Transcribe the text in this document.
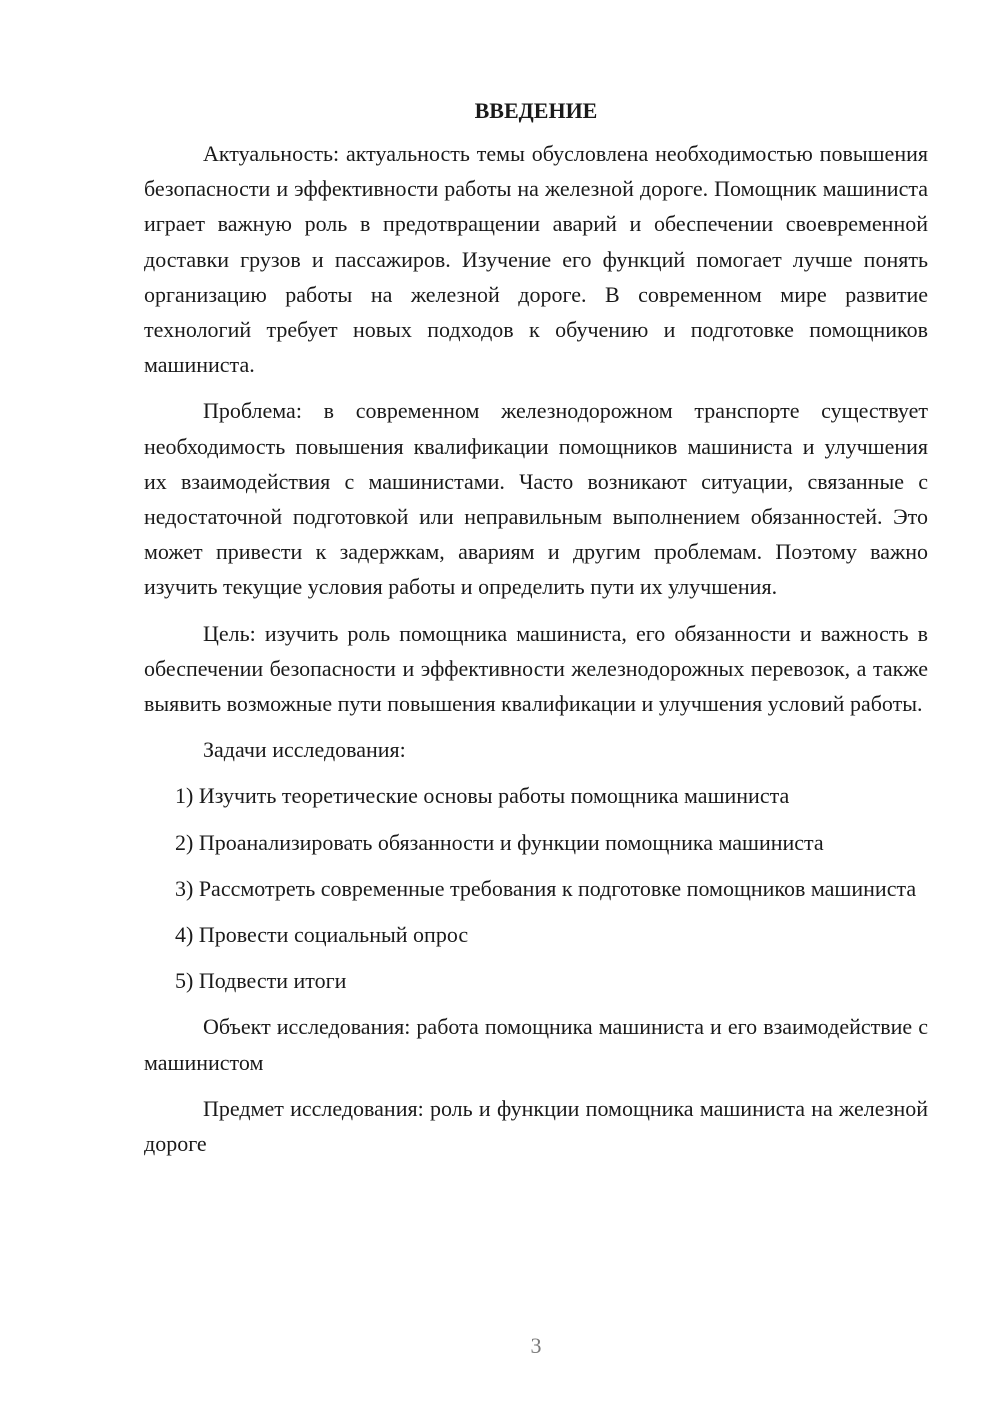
ВВЕДЕНИЕ

Актуальность: актуальность темы обусловлена необходимостью повышения безопасности и эффективности работы на железной дороге. Помощник машиниста играет важную роль в предотвращении аварий и обеспечении своевременной доставки грузов и пассажиров. Изучение его функций помогает лучше понять организацию работы на железной дороге. В современном мире развитие технологий требует новых подходов к обучению и подготовке помощников машиниста.

Проблема: в современном железнодорожном транспорте существует необходимость повышения квалификации помощников машиниста и улучшения их взаимодействия с машинистами. Часто возникают ситуации, связанные с недостаточной подготовкой или неправильным выполнением обязанностей. Это может привести к задержкам, авариям и другим проблемам. Поэтому важно изучить текущие условия работы и определить пути их улучшения.

Цель: изучить роль помощника машиниста, его обязанности и важность в обеспечении безопасности и эффективности железнодорожных перевозок, а также выявить возможные пути повышения квалификации и улучшения условий работы.

Задачи исследования:

1) Изучить теоретические основы работы помощника машиниста

2) Проанализировать обязанности и функции помощника машиниста

3) Рассмотреть современные требования к подготовке помощников машиниста

4) Провести социальный опрос

5) Подвести итоги

Объект исследования: работа помощника машиниста и его взаимодействие с машинистом

Предмет исследования: роль и функции помощника машиниста на железной дороге

3
